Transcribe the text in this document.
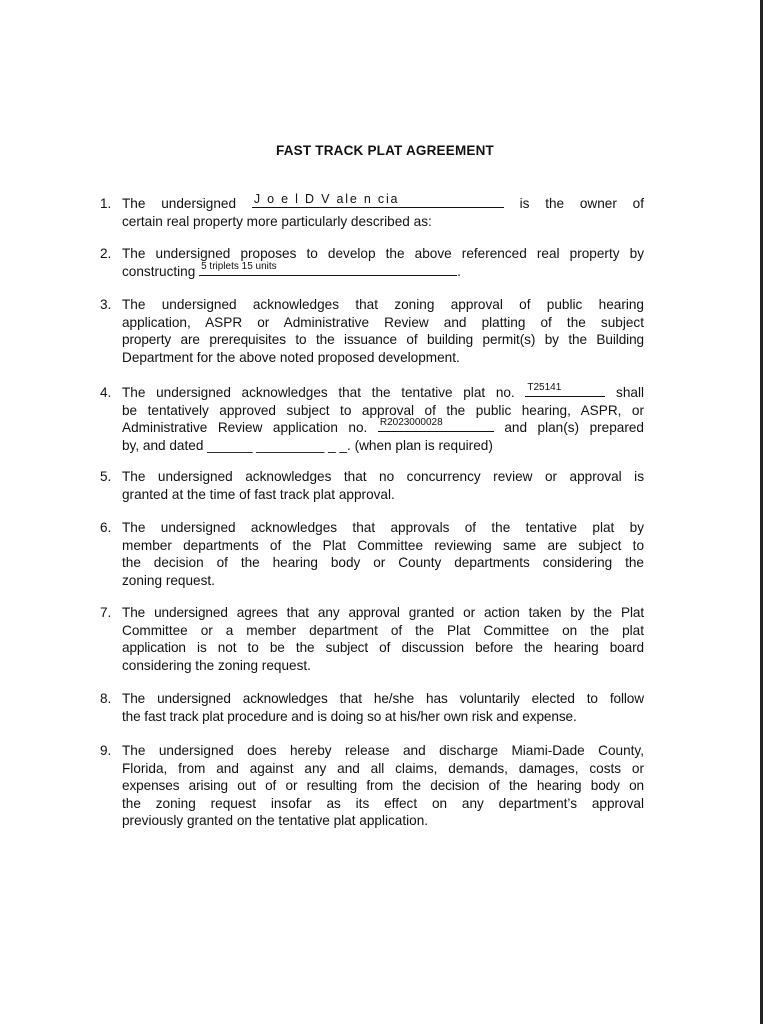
FAST TRACK PLAT AGREEMENT
1. The undersigned J o e l D V ale n cia	is the owner of
certain real property more particularly described as:
2. The undersigned proposes to develop the above referenced real property by
constructing 5 triplets 15 units	.
3. The undersigned acknowledges that zoning approval of public hearing
application, ASPR or Administrative Review and platting of the subject
property are prerequisites to the issuance of building permit(s) by the Building
Department for the above noted proposed development.
4. The undersigned acknowledges that the tentative plat no. T25141	shall
be tentatively approved subject to approval of the public hearing, ASPR, or
Administrative Review application no. R2023000028	and plan(s) prepared
by, and dated ______ _________ _ _. (when plan is required)
5. The undersigned acknowledges that no concurrency review or approval is
granted at the time of fast track plat approval.
6. The undersigned acknowledges that approvals of the tentative plat by
member departments of the Plat Committee reviewing same are subject to
the decision of the hearing body or County departments considering the
zoning request.
7. The undersigned agrees that any approval granted or action taken by the Plat
Committee or a member department of the Plat Committee on the plat
application is not to be the subject of discussion before the hearing board
considering the zoning request.
8. The undersigned acknowledges that he/she has voluntarily elected to follow
the fast track plat procedure and is doing so at his/her own risk and expense.
9. The undersigned does hereby release and discharge Miami-Dade County,
Florida, from and against any and all claims, demands, damages, costs or
expenses arising out of or resulting from the decision of the hearing body on
the zoning request insofar as its effect on any department’s approval
previously granted on the tentative plat application.
